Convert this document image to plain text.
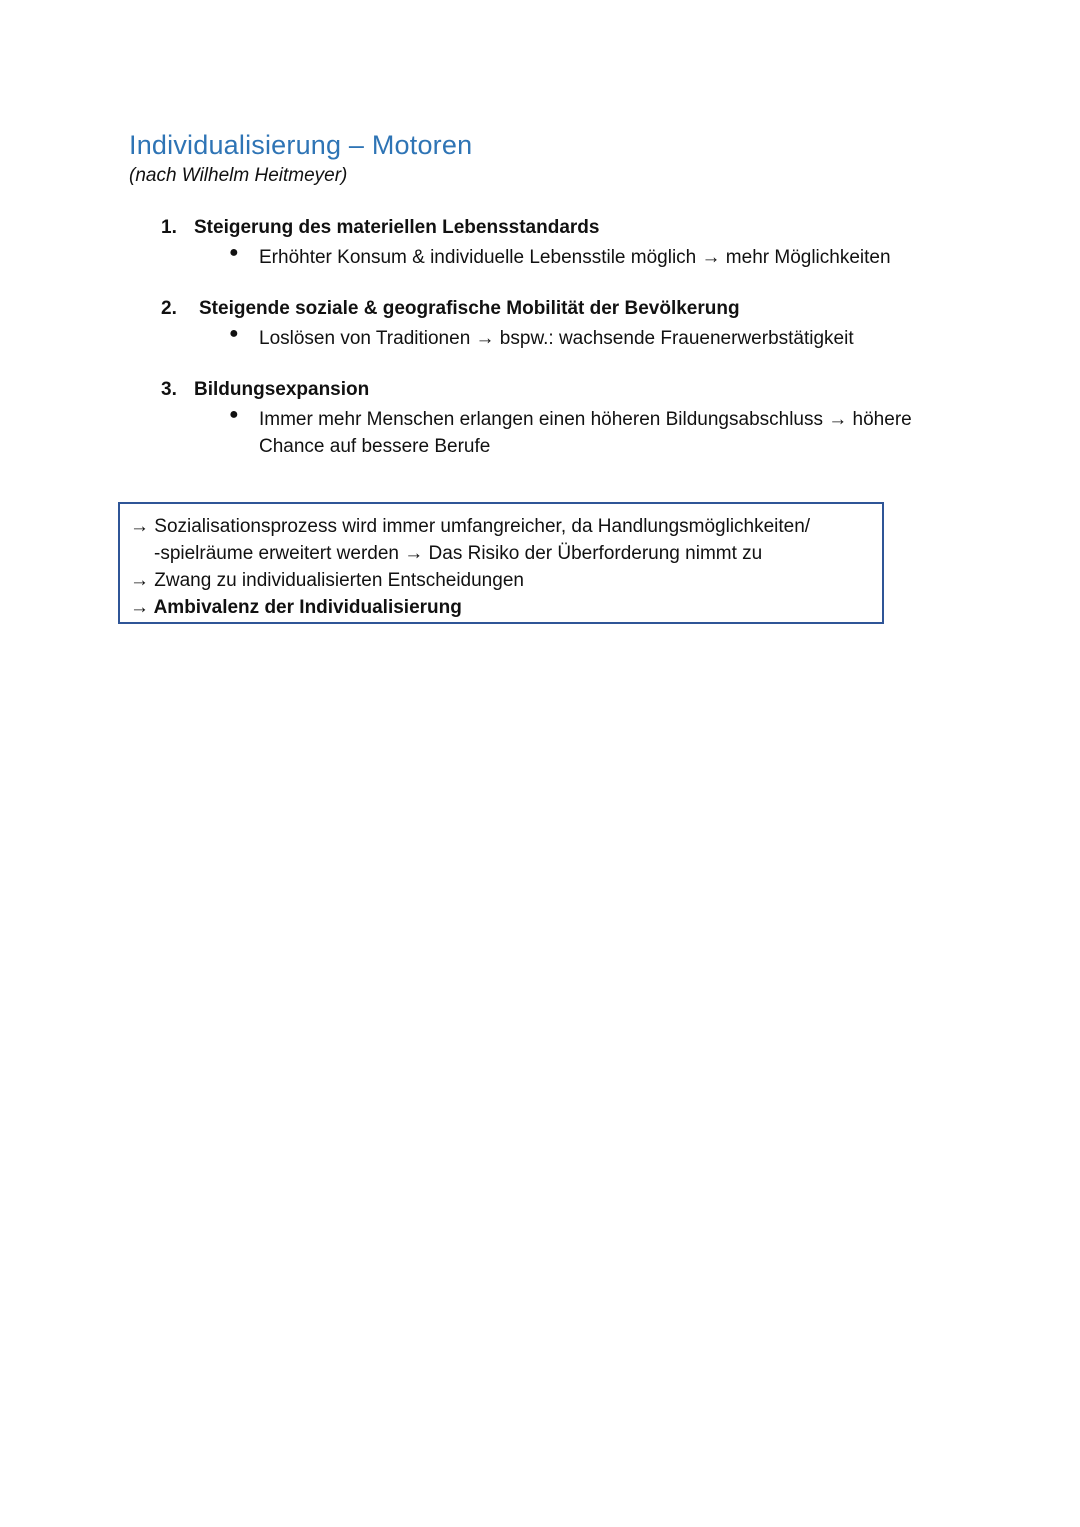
Individualisierung – Motoren
(nach Wilhelm Heitmeyer)
1. Steigerung des materiellen Lebensstandards
● Erhöhter Konsum & individuelle Lebensstile möglich → mehr Möglichkeiten
2. Steigende soziale & geografische Mobilität der Bevölkerung
● Loslösen von Traditionen → bspw.: wachsende Frauenerwerbstätigkeit
3. Bildungsexpansion
● Immer mehr Menschen erlangen einen höheren Bildungsabschluss → höhere
Chance auf bessere Berufe
→ Sozialisationsprozess wird immer umfangreicher, da Handlungsmöglichkeiten/
-spielräume erweitert werden → Das Risiko der Überforderung nimmt zu
→ Zwang zu individualisierten Entscheidungen
→ Ambivalenz der Individualisierung
